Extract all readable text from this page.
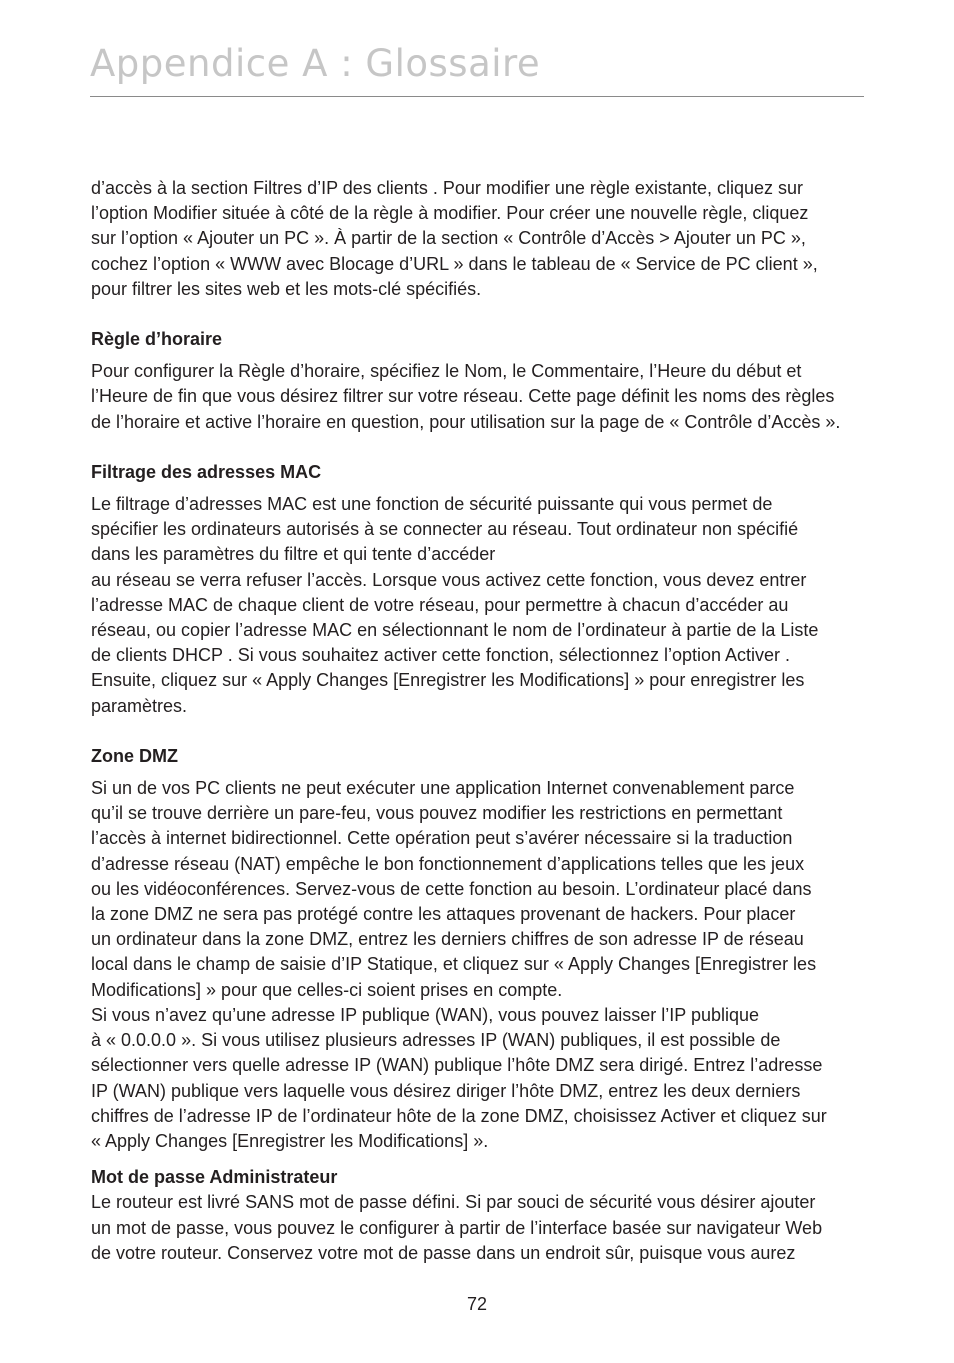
Appendice A : Glossaire

d’accès à la section Filtres d’IP des clients . Pour modifier une règle existante, cliquez sur
l’option Modifier située à côté de la règle à modifier. Pour créer une nouvelle règle, cliquez
sur l’option « Ajouter un PC ». À partir de la section « Contrôle d’Accès > Ajouter un PC »,
cochez l’option « WWW avec Blocage d’URL » dans le tableau de « Service de PC client »,
pour filtrer les sites web et les mots-clé spécifiés.

Règle d’horaire

Pour configurer la Règle d’horaire, spécifiez le Nom, le Commentaire, l’Heure du début et
l’Heure de fin que vous désirez filtrer sur votre réseau. Cette page définit les noms des règles
de l’horaire et active l’horaire en question, pour utilisation sur la page de « Contrôle d’Accès ».

Filtrage des adresses MAC

Le filtrage d’adresses MAC est une fonction de sécurité puissante qui vous permet de
spécifier les ordinateurs autorisés à se connecter au réseau. Tout ordinateur non spécifié
dans les paramètres du filtre et qui tente d’accéder
au réseau se verra refuser l’accès. Lorsque vous activez cette fonction, vous devez entrer
l’adresse MAC de chaque client de votre réseau, pour permettre à chacun d’accéder au
réseau, ou copier l’adresse MAC en sélectionnant le nom de l’ordinateur à partie de la Liste
de clients DHCP . Si vous souhaitez activer cette fonction, sélectionnez l’option Activer .
Ensuite, cliquez sur « Apply Changes [Enregistrer les Modifications] » pour enregistrer les
paramètres.

Zone DMZ

Si un de vos PC clients ne peut exécuter une application Internet convenablement parce
qu’il se trouve derrière un pare-feu, vous pouvez modifier les restrictions en permettant
l’accès à internet bidirectionnel. Cette opération peut s’avérer nécessaire si la traduction
d’adresse réseau (NAT) empêche le bon fonctionnement d’applications telles que les jeux
ou les vidéoconférences. Servez-vous de cette fonction au besoin. L’ordinateur placé dans
la zone DMZ ne sera pas protégé contre les attaques provenant de hackers. Pour placer
un ordinateur dans la zone DMZ, entrez les derniers chiffres de son adresse IP de réseau
local dans le champ de saisie d’IP Statique, et cliquez sur « Apply Changes [Enregistrer les
Modifications] » pour que celles-ci soient prises en compte.
Si vous n’avez qu’une adresse IP publique (WAN), vous pouvez laisser l’IP publique
à « 0.0.0.0 ». Si vous utilisez plusieurs adresses IP (WAN) publiques, il est possible de
sélectionner vers quelle adresse IP (WAN) publique l’hôte DMZ sera dirigé. Entrez l’adresse
IP (WAN) publique vers laquelle vous désirez diriger l’hôte DMZ, entrez les deux derniers
chiffres de l’adresse IP de l’ordinateur hôte de la zone DMZ, choisissez Activer et cliquez sur
« Apply Changes [Enregistrer les Modifications] ».

Mot de passe Administrateur

Le routeur est livré SANS mot de passe défini. Si par souci de sécurité vous désirer ajouter
un mot de passe, vous pouvez le configurer à partir de l’interface basée sur navigateur Web
de votre routeur. Conservez votre mot de passe dans un endroit sûr, puisque vous aurez

72
